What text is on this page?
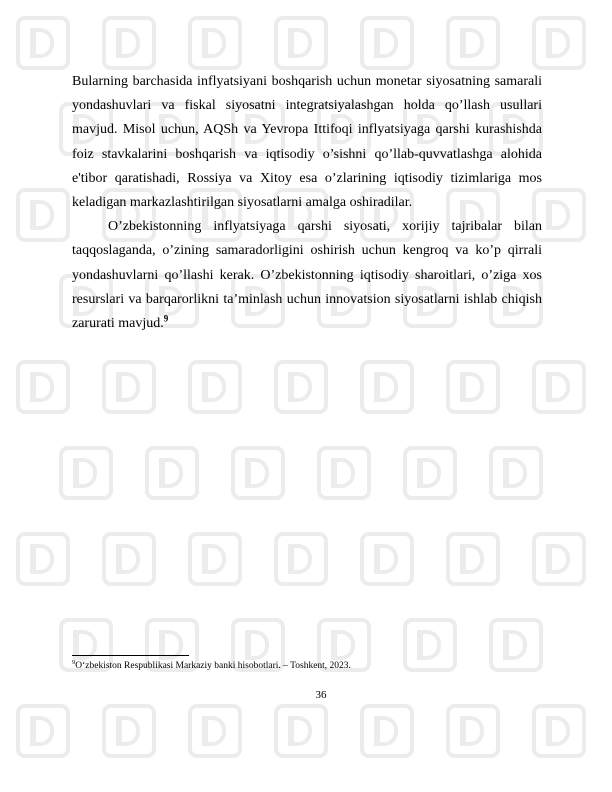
Bularning barchasida inflyatsiyani boshqarish uchun monetar siyosatning samarali yondashuvlari va fiskal siyosatni integratsiyalashgan holda qo’llash usullari mavjud. Misol uchun, AQSh va Yevropa Ittifoqi inflyatsiyaga qarshi kurashishda foiz stavkalarini boshqarish va iqtisodiy o’sishni qo’llab-quvvatlashga alohida e'tibor qaratishadi, Rossiya va Xitoy esa o’zlarining iqtisodiy tizimlariga mos keladigan markazlashtirilgan siyosatlarni amalga oshiradilar.

O’zbekistonning inflyatsiyaga qarshi siyosati, xorijiy tajribalar bilan taqqoslaganda, o’zining samaradorligini oshirish uchun kengroq va ko’p qirrali yondashuvlarni qo’llashi kerak. O’zbekistonning iqtisodiy sharoitlari, o’ziga xos resurslari va barqarorlikni ta’minlash uchun innovatsion siyosatlarni ishlab chiqish zarurati mavjud.$^9$

$^9$O‘zbekiston Respublikasi Markaziy banki hisobotlari. – Toshkent, 2023.
36
